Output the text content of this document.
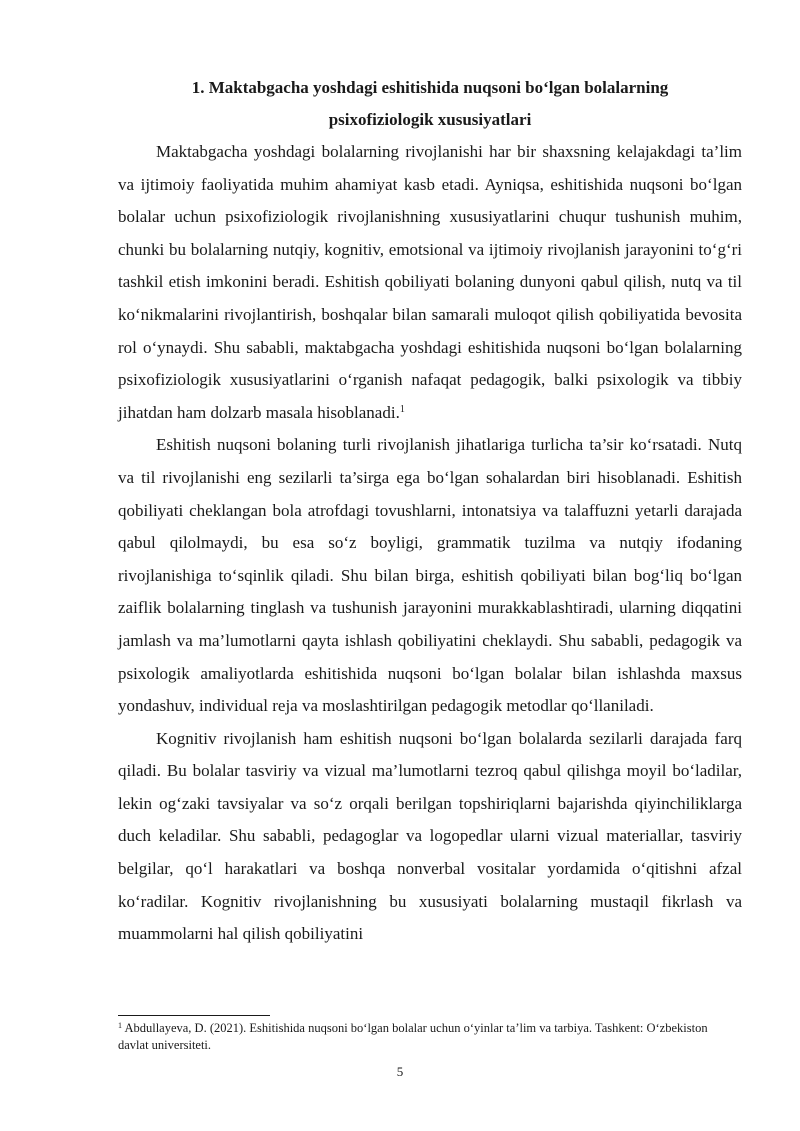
1. Maktabgacha yoshdagi eshitishida nuqsoni bo‘lgan bolalarning
psixofiziologik xususiyatlari

Maktabgacha yoshdagi bolalarning rivojlanishi har bir shaxsning kelajakdagi ta’lim va ijtimoiy faoliyatida muhim ahamiyat kasb etadi. Ayniqsa, eshitishida nuqsoni bo‘lgan bolalar uchun psixofiziologik rivojlanishning xususiyatlarini chuqur tushunish muhim, chunki bu bolalarning nutqiy, kognitiv, emotsional va ijtimoiy rivojlanish jarayonini to‘g‘ri tashkil etish imkonini beradi. Eshitish qobiliyati bolaning dunyoni qabul qilish, nutq va til ko‘nikmalarini rivojlantirish, boshqalar bilan samarali muloqot qilish qobiliyatida bevosita rol o‘ynaydi. Shu sababli, maktabgacha yoshdagi eshitishida nuqsoni bo‘lgan bolalarning psixofiziologik xususiyatlarini o‘rganish nafaqat pedagogik, balki psixologik va tibbiy jihatdan ham dolzarb masala hisoblanadi.$^1$

Eshitish nuqsoni bolaning turli rivojlanish jihatlariga turlicha ta’sir ko‘rsatadi. Nutq va til rivojlanishi eng sezilarli ta’sirga ega bo‘lgan sohalardan biri hisoblanadi. Eshitish qobiliyati cheklangan bola atrofdagi tovushlarni, intonatsiya va talaffuzni yetarli darajada qabul qilolmaydi, bu esa so‘z boyligi, grammatik tuzilma va nutqiy ifodaning rivojlanishiga to‘sqinlik qiladi. Shu bilan birga, eshitish qobiliyati bilan bog‘liq bo‘lgan zaiflik bolalarning tinglash va tushunish jarayonini murakkablashtiradi, ularning diqqatini jamlash va ma’lumotlarni qayta ishlash qobiliyatini cheklaydi. Shu sababli, pedagogik va psixologik amaliyotlarda eshitishida nuqsoni bo‘lgan bolalar bilan ishlashda maxsus yondashuv, individual reja va moslashtirilgan pedagogik metodlar qo‘llaniladi.

Kognitiv rivojlanish ham eshitish nuqsoni bo‘lgan bolalarda sezilarli darajada farq qiladi. Bu bolalar tasviriy va vizual ma’lumotlarni tezroq qabul qilishga moyil bo‘ladilar, lekin og‘zaki tavsiyalar va so‘z orqali berilgan topshiriqlarni bajarishda qiyinchiliklarga duch keladilar. Shu sababli, pedagoglar va logopedlar ularni vizual materiallar, tasviriy belgilar, qo‘l harakatlari va boshqa nonverbal vositalar yordamida o‘qitishni afzal ko‘radilar. Kognitiv rivojlanishning bu xususiyati bolalarning mustaqil fikrlash va muammolarni hal qilish qobiliyatini

$^1$ Abdullayeva, D. (2021). Eshitishida nuqsoni bo‘lgan bolalar uchun o‘yinlar ta’lim va tarbiya. Tashkent: O‘zbekiston davlat universiteti.
5
